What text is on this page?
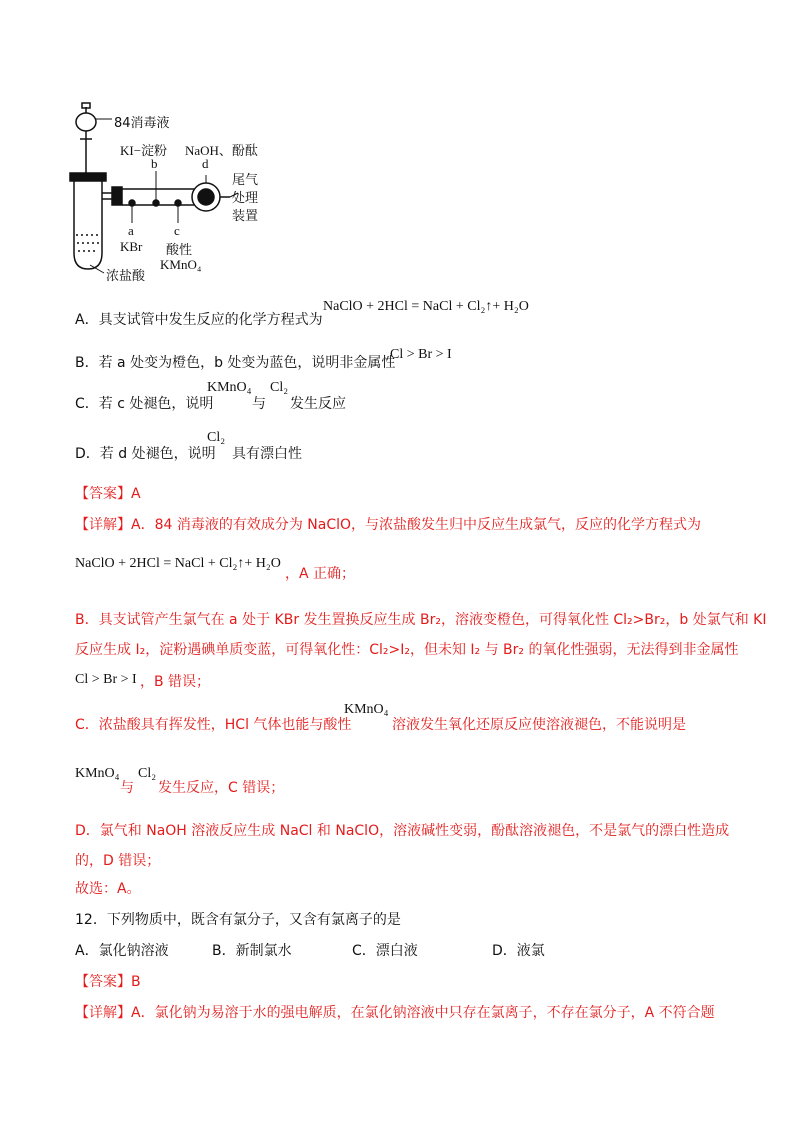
84消毒液
KI−淀粉
b
NaOH、酚酞
d
尾气
处理
装置
a
KBr
c
酸性
KMnO₄
浓盐酸
A．具支试管中发生反应的化学方程式为
NaClO + 2HCl = NaCl + Cl₂↑+ H₂O
B．若 a 处变为橙色，b 处变为蓝色，说明非金属性
Cl > Br > I
C．若 c 处褪色，说明
KMnO₄
与
Cl₂
发生反应
D．若 d 处褪色，说明
Cl₂
具有漂白性
【答案】A
【详解】 A．84 消毒液的有效成分为 NaClO，与浓盐酸发生归中反应生成氯气，反应的化学方程式为
NaClO + 2HCl = NaCl + Cl₂↑+ H₂O
，A 正确；
B．具支试管产生氯气在 a 处于 KBr 发生置换反应生成 Br₂，溶液变橙色，可得氧化性 Cl₂>Br₂，b 处氯气和 KI
反应生成 I₂，淀粉遇碘单质变蓝，可得氧化性：Cl₂>I₂，但未知 I₂ 与 Br₂ 的氧化性强弱，无法得到非金属性
Cl > Br > I ，B 错误；
C．浓盐酸具有挥发性，HCl 气体也能与酸性
KMnO₄
溶液发生氧化还原反应使溶液褪色，不能说明是
KMnO₄
与
Cl₂
发生反应，C 错误；
D．氯气和 NaOH 溶液反应生成 NaCl 和 NaClO，溶液碱性变弱，酚酞溶液褪色，不是氯气的漂白性造成
的，D 错误；
故选：A。
12．下列物质中，既含有氯分子，又含有氯离子的是
A．氯化钠溶液	B．新制氯水	C．漂白液	D．液氯
【答案】B
【详解】A．氯化钠为易溶于水的强电解质，在氯化钠溶液中只存在氯离子，不存在氯分子，A 不符合题
